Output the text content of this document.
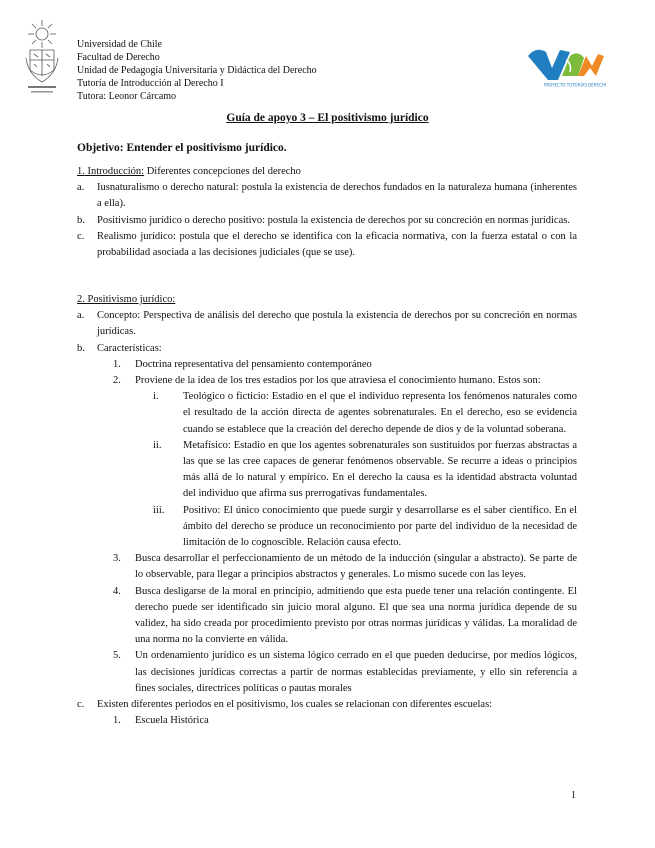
Universidad de Chile
Facultad de Derecho
Unidad de Pedagogía Universitaria y Didáctica del Derecho
Tutoría de Introducción al Derecho I
Tutora: Leonor Cárcamo
PROYECTO TUTORÍAS DERECHO
Guía de apoyo 3 – El positivismo jurídico
Objetivo: Entender el positivismo jurídico.
1. Introducción: Diferentes concepciones del derecho
a. Iusnaturalismo o derecho natural: postula la existencia de derechos fundados en la naturaleza humana (inherentes a ella).
b. Positivismo jurídico o derecho positivo: postula la existencia de derechos por su concreción en normas jurídicas.
c. Realismo jurídico: postula que el derecho se identifica con la eficacia normativa, con la fuerza estatal o con la probabilidad asociada a las decisiones judiciales (que se use).
2. Positivismo jurídico:
a. Concepto: Perspectiva de análisis del derecho que postula la existencia de derechos por su concreción en normas jurídicas.
b. Características:
1. Doctrina representativa del pensamiento contemporáneo
2. Proviene de la idea de los tres estadios por los que atraviesa el conocimiento humano. Estos son:
i. Teológico o ficticio: Estadio en el que el individuo representa los fenómenos naturales como el resultado de la acción directa de agentes sobrenaturales. En el derecho, eso se evidencia cuando se establece que la creación del derecho depende de dios y de la voluntad soberana.
ii. Metafísico: Estadio en que los agentes sobrenaturales son sustituidos por fuerzas abstractas a las que se las cree capaces de generar fenómenos observable. Se recurre a ideas o principios más allá de lo natural y empírico. En el derecho la causa es la identidad abstracta voluntad del individuo que afirma sus prerrogativas fundamentales.
iii. Positivo: El único conocimiento que puede surgir y desarrollarse es el saber científico. En el ámbito del derecho se produce un reconocimiento por parte del individuo de la necesidad de limitación de lo cognoscible. Relación causa efecto.
3. Busca desarrollar el perfeccionamiento de un método de la inducción (singular a abstracto). Se parte de lo observable, para llegar a principios abstractos y generales. Lo mismo sucede con las leyes.
4. Busca desligarse de la moral en principio, admitiendo que esta puede tener una relación contingente. El derecho puede ser identificado sin juicio moral alguno. El que sea una norma jurídica depende de su validez, ha sido creada por procedimiento previsto por otras normas jurídicas y válidas. La moralidad de una norma no la convierte en válida.
5. Un ordenamiento jurídico es un sistema lógico cerrado en el que pueden deducirse, por medios lógicos, las decisiones jurídicas correctas a partir de normas establecidas previamente, y ello sin referencia a fines sociales, directrices políticas o pautas morales
c. Existen diferentes periodos en el positivismo, los cuales se relacionan con diferentes escuelas:
1. Escuela Histórica
1
